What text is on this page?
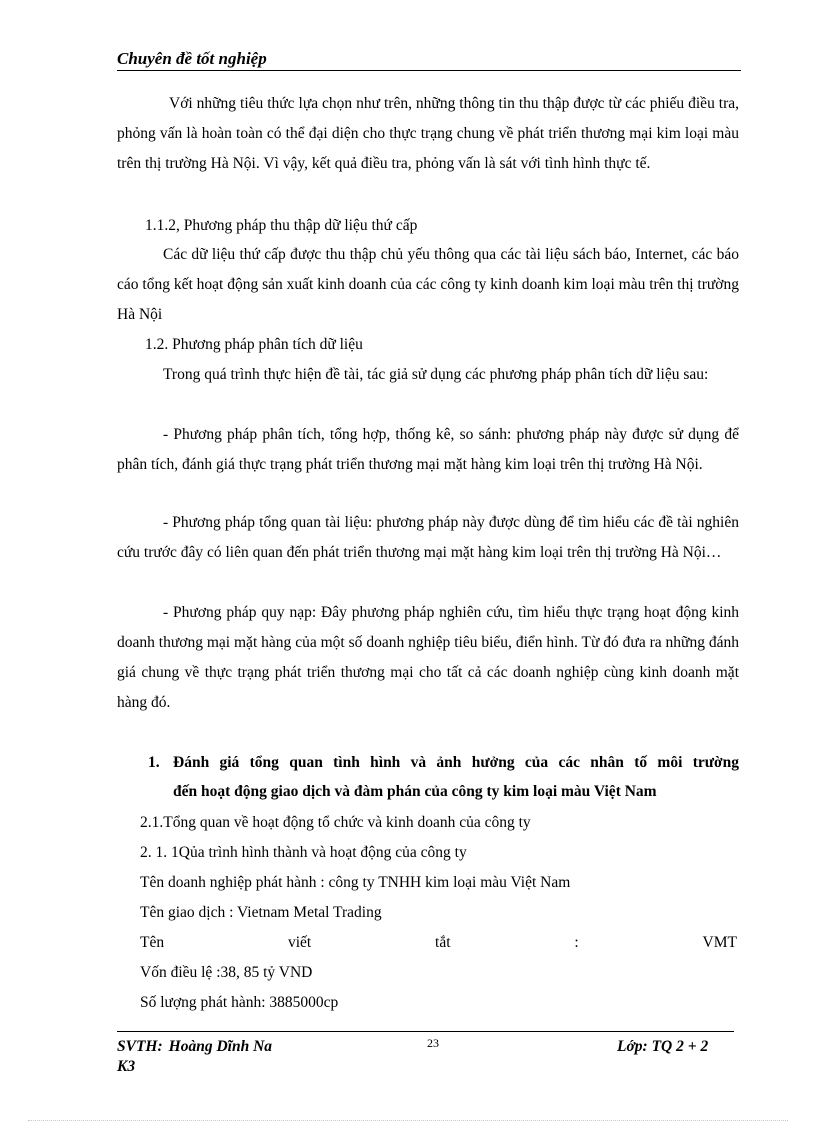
Chuyên đề tốt nghiệp

Với những tiêu thức lựa chọn như trên, những thông tin thu thập được từ các phiếu điều tra, phỏng vấn là hoàn toàn có thể đại diện cho thực trạng chung về phát triển thương mại kim loại màu trên thị trường Hà Nội. Vì vậy, kết quả điều tra, phỏng vấn là sát với tình hình thực tế.

1.1.2, Phương pháp thu thập dữ liệu thứ cấp

Các dữ liệu thứ cấp được thu thập chủ yếu thông qua các tài liệu sách báo, Internet, các báo cáo tổng kết hoạt động sản xuất kinh doanh của các công ty kinh doanh kim loại màu trên thị trường Hà Nội

1.2. Phương pháp phân tích dữ liệu

Trong quá trình thực hiện đề tài, tác giả sử dụng các phương pháp phân tích dữ liệu sau:

- Phương pháp phân tích, tổng hợp, thống kê, so sánh: phương pháp này được sử dụng để phân tích, đánh giá thực trạng phát triển thương mại mặt hàng kim loại trên thị trường Hà Nội.

- Phương pháp tổng quan tài liệu: phương pháp này được dùng để tìm hiểu các đề tài nghiên cứu trước đây có liên quan đến phát triển thương mại mặt hàng kim loại trên thị trường Hà Nội…

- Phương pháp quy nạp: Đây phương pháp nghiên cứu, tìm hiểu thực trạng hoạt động kinh doanh thương mại mặt hàng của một số doanh nghiệp tiêu biểu, điển hình. Từ đó đưa ra những đánh giá chung về thực trạng phát triển thương mại cho tất cả các doanh nghiệp cùng kinh doanh mặt hàng đó.

1. Đánh giá tổng quan tình hình và ảnh hưởng của các nhân tố môi trường
đến hoạt động giao dịch và đàm phán của công ty kim loại màu Việt Nam
2.1.Tổng quan về hoạt động tổ chức và kinh doanh của công ty
2. 1. 1Qủa trình hình thành và hoạt động của công ty
Tên doanh nghiệp phát hành : công ty TNHH kim loại màu Việt Nam
Tên giao dịch : Vietnam Metal Trading
Tên	viết	tắt	:	VMT
Vốn điều lệ :38, 85 tỷ VND
Số lượng phát hành: 3885000cp
SVTH: Hoàng Dĩnh Na
K3
23	Lớp: TQ 2 + 2
